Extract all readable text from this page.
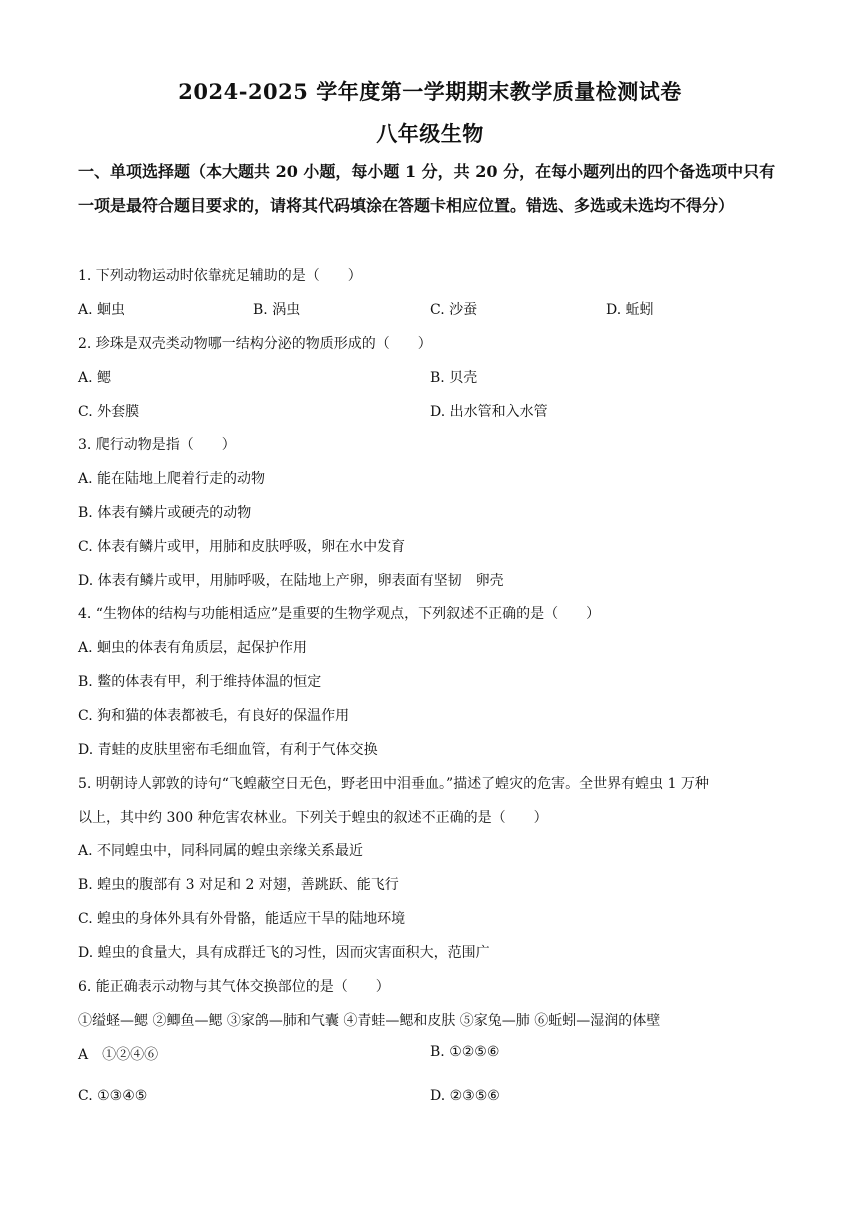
2024-2025 学年度第一学期期末教学质量检测试卷
八年级生物
一、单项选择题（本大题共 20 小题，每小题 1 分，共 20 分，在每小题列出的四个备选项中只有一项是最符合题目要求的，请将其代码填涂在答题卡相应位置。错选、多选或未选均不得分）
1. 下列动物运动时依靠疣足辅助的是（　　）
A. 蛔虫	B. 涡虫	C. 沙蚕	D. 蚯蚓
2. 珍珠是双壳类动物哪一结构分泌的物质形成的（　　）
A. 鳃	B. 贝壳
C. 外套膜	D. 出水管和入水管
3. 爬行动物是指（　　）
A. 能在陆地上爬着行走的动物
B. 体表有鳞片或硬壳的动物
C. 体表有鳞片或甲，用肺和皮肤呼吸，卵在水中发育
D. 体表有鳞片或甲，用肺呼吸，在陆地上产卵，卵表面有坚韧　卵壳
4. “生物体的结构与功能相适应”是重要的生物学观点，下列叙述不正确的是（　　）
A. 蛔虫的体表有角质层，起保护作用
B. 鳖的体表有甲，利于维持体温的恒定
C. 狗和猫的体表都被毛，有良好的保温作用
D. 青蛙的皮肤里密布毛细血管，有利于气体交换
5. 明朝诗人郭敦的诗句“飞蝗蔽空日无色，野老田中泪垂血。”描述了蝗灾的危害。全世界有蝗虫 1 万种
以上，其中约 300 种危害农林业。下列关于蝗虫的叙述不正确的是（　　）
A. 不同蝗虫中，同科同属的蝗虫亲缘关系最近
B. 蝗虫的腹部有 3 对足和 2 对翅，善跳跃、能飞行
C. 蝗虫的身体外具有外骨骼，能适应干旱的陆地环境
D. 蝗虫的食量大，具有成群迁飞的习性，因而灾害面积大，范围广
6. 能正确表示动物与其气体交换部位的是（　　）
①缢蛏—鳃 ②鲫鱼—鳃 ③家鸽—肺和气囊 ④青蛙—鳃和皮肤 ⑤家兔—肺 ⑥蚯蚓—湿润的体壁
A　①②④⑥	B. ①②⑤⑥
C. ①③④⑤	D. ②③⑤⑥
